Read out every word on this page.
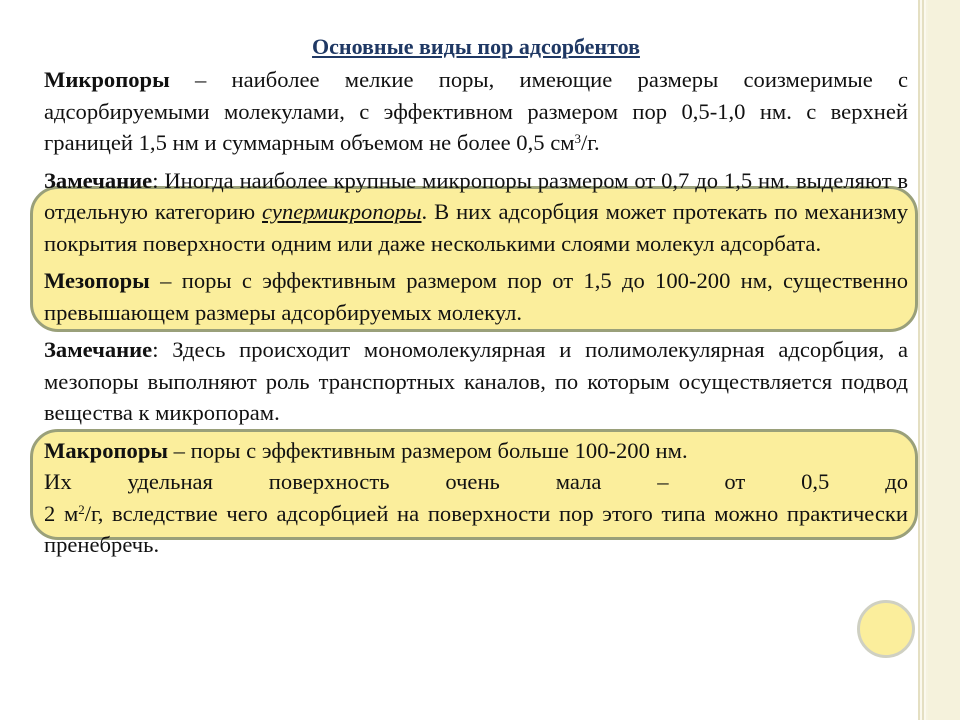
Основные виды пор адсорбентов

Микропоры – наиболее мелкие поры, имеющие размеры соизмеримые с адсорбируемыми молекулами, с эффективном размером пор 0,5-1,0 нм. с верхней границей 1,5 нм и суммарным объемом не более 0,5 $см^3/г$.

Замечание: Иногда наиболее крупные микропоры размером от 0,7 до 1,5 нм. выделяют в отдельную категорию супермикропоры. В них адсорбция может протекать по механизму покрытия поверхности одним или даже несколькими слоями молекул адсорбата.

Мезопоры – поры с эффективным размером пор от 1,5 до 100-200 нм, существенно превышающем размеры адсорбируемых молекул.

Замечание: Здесь происходит мономолекулярная и полимолекулярная адсорбция, а мезопоры выполняют роль транспортных каналов, по которым осуществляется подвод вещества к микропорам.

Макропоры – поры с эффективным размером больше 100-200 нм.

Их удельная поверхность очень мала – от 0,5 до

2 $м^2/г$, вследствие чего адсорбцией на поверхности пор этого типа можно практически пренебречь.
